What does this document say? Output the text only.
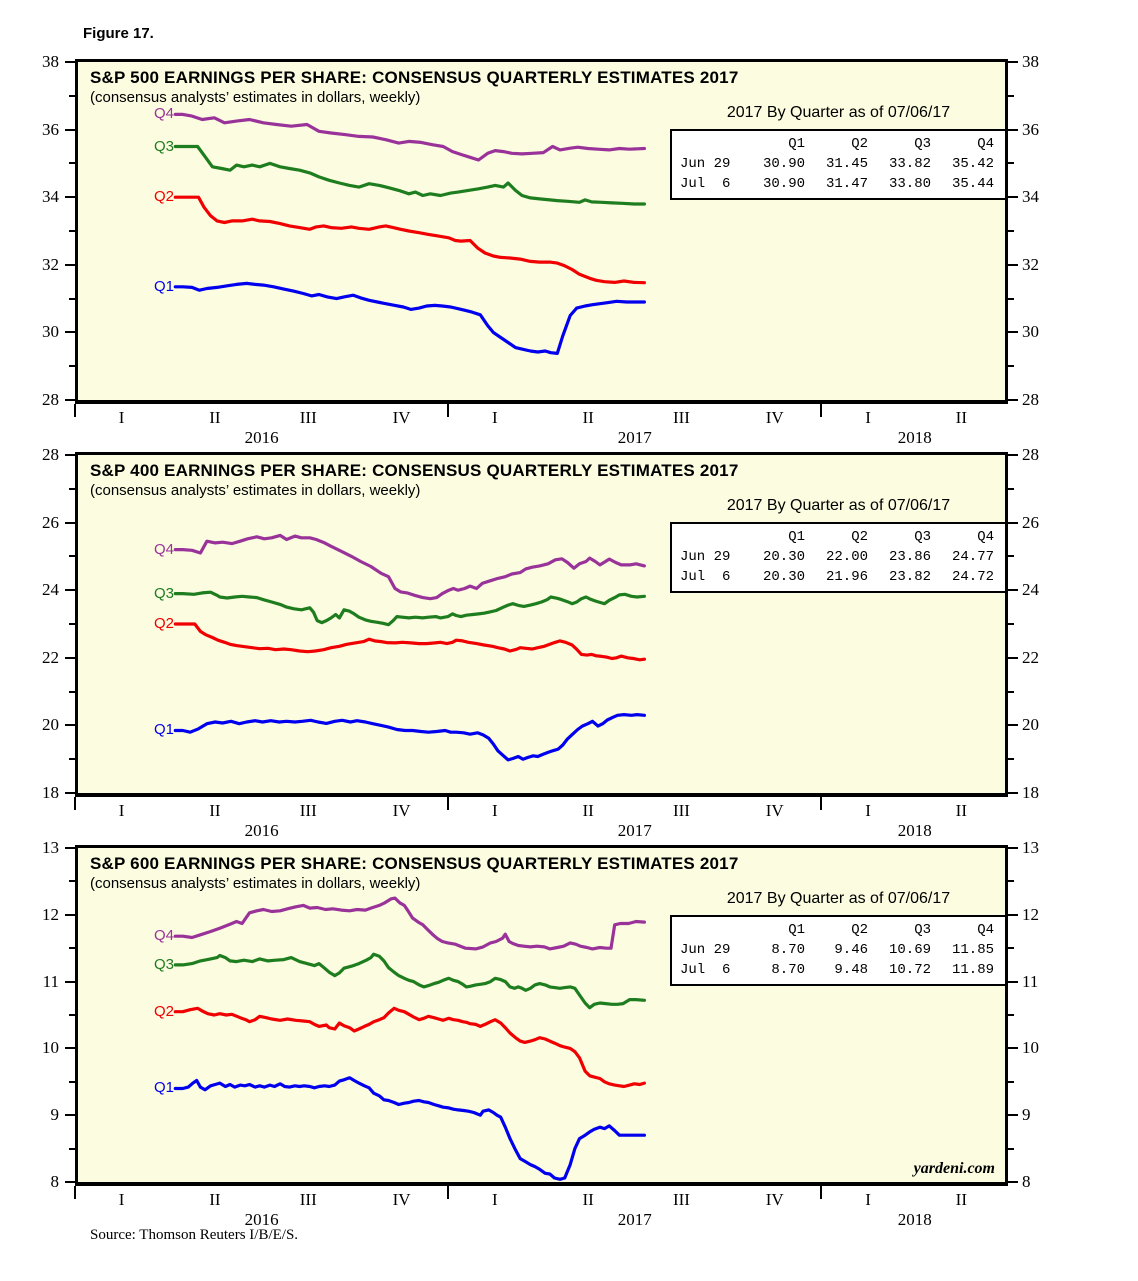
Figure 17.
S&P 500 EARNINGS PER SHARE: CONSENSUS QUARTERLY ESTIMATES 2017
(consensus analysts’ estimates in dollars, weekly)
2017 By Quarter as of 07/06/17
Q1	Q2	Q3	Q4
Jun 29	30.90	31.45	33.82	35.42
Jul  6	30.90	31.47	33.80	35.44
Q4
Q3
Q2
Q1
S&P 400 EARNINGS PER SHARE: CONSENSUS QUARTERLY ESTIMATES 2017
(consensus analysts’ estimates in dollars, weekly)
2017 By Quarter as of 07/06/17
Q1	Q2	Q3	Q4
Jun 29	20.30	22.00	23.86	24.77
Jul  6	20.30	21.96	23.82	24.72
Q4
Q3
Q2
Q1
S&P 600 EARNINGS PER SHARE: CONSENSUS QUARTERLY ESTIMATES 2017
(consensus analysts’ estimates in dollars, weekly)
2017 By Quarter as of 07/06/17
Q1	Q2	Q3	Q4
Jun 29	8.70	9.46	10.69	11.85
Jul  6	8.70	9.48	10.72	11.89
yardeni.com
Q4
Q3
Q2
Q1
Source: Thomson Reuters I/B/E/S.
28	28
30	30
32	32
34	34
36	36
38	38
I	II	III	IV	I	II	III	IV	I	II
2016	2017	2018
18	18
20	20
22	22
24	24
26	26
28	28
I	II	III	IV	I	II	III	IV	I	II
2016	2017	2018
8	8
9	9
10	10
11	11
12	12
13	13
I	II	III	IV	I	II	III	IV	I	II
2016	2017	2018
